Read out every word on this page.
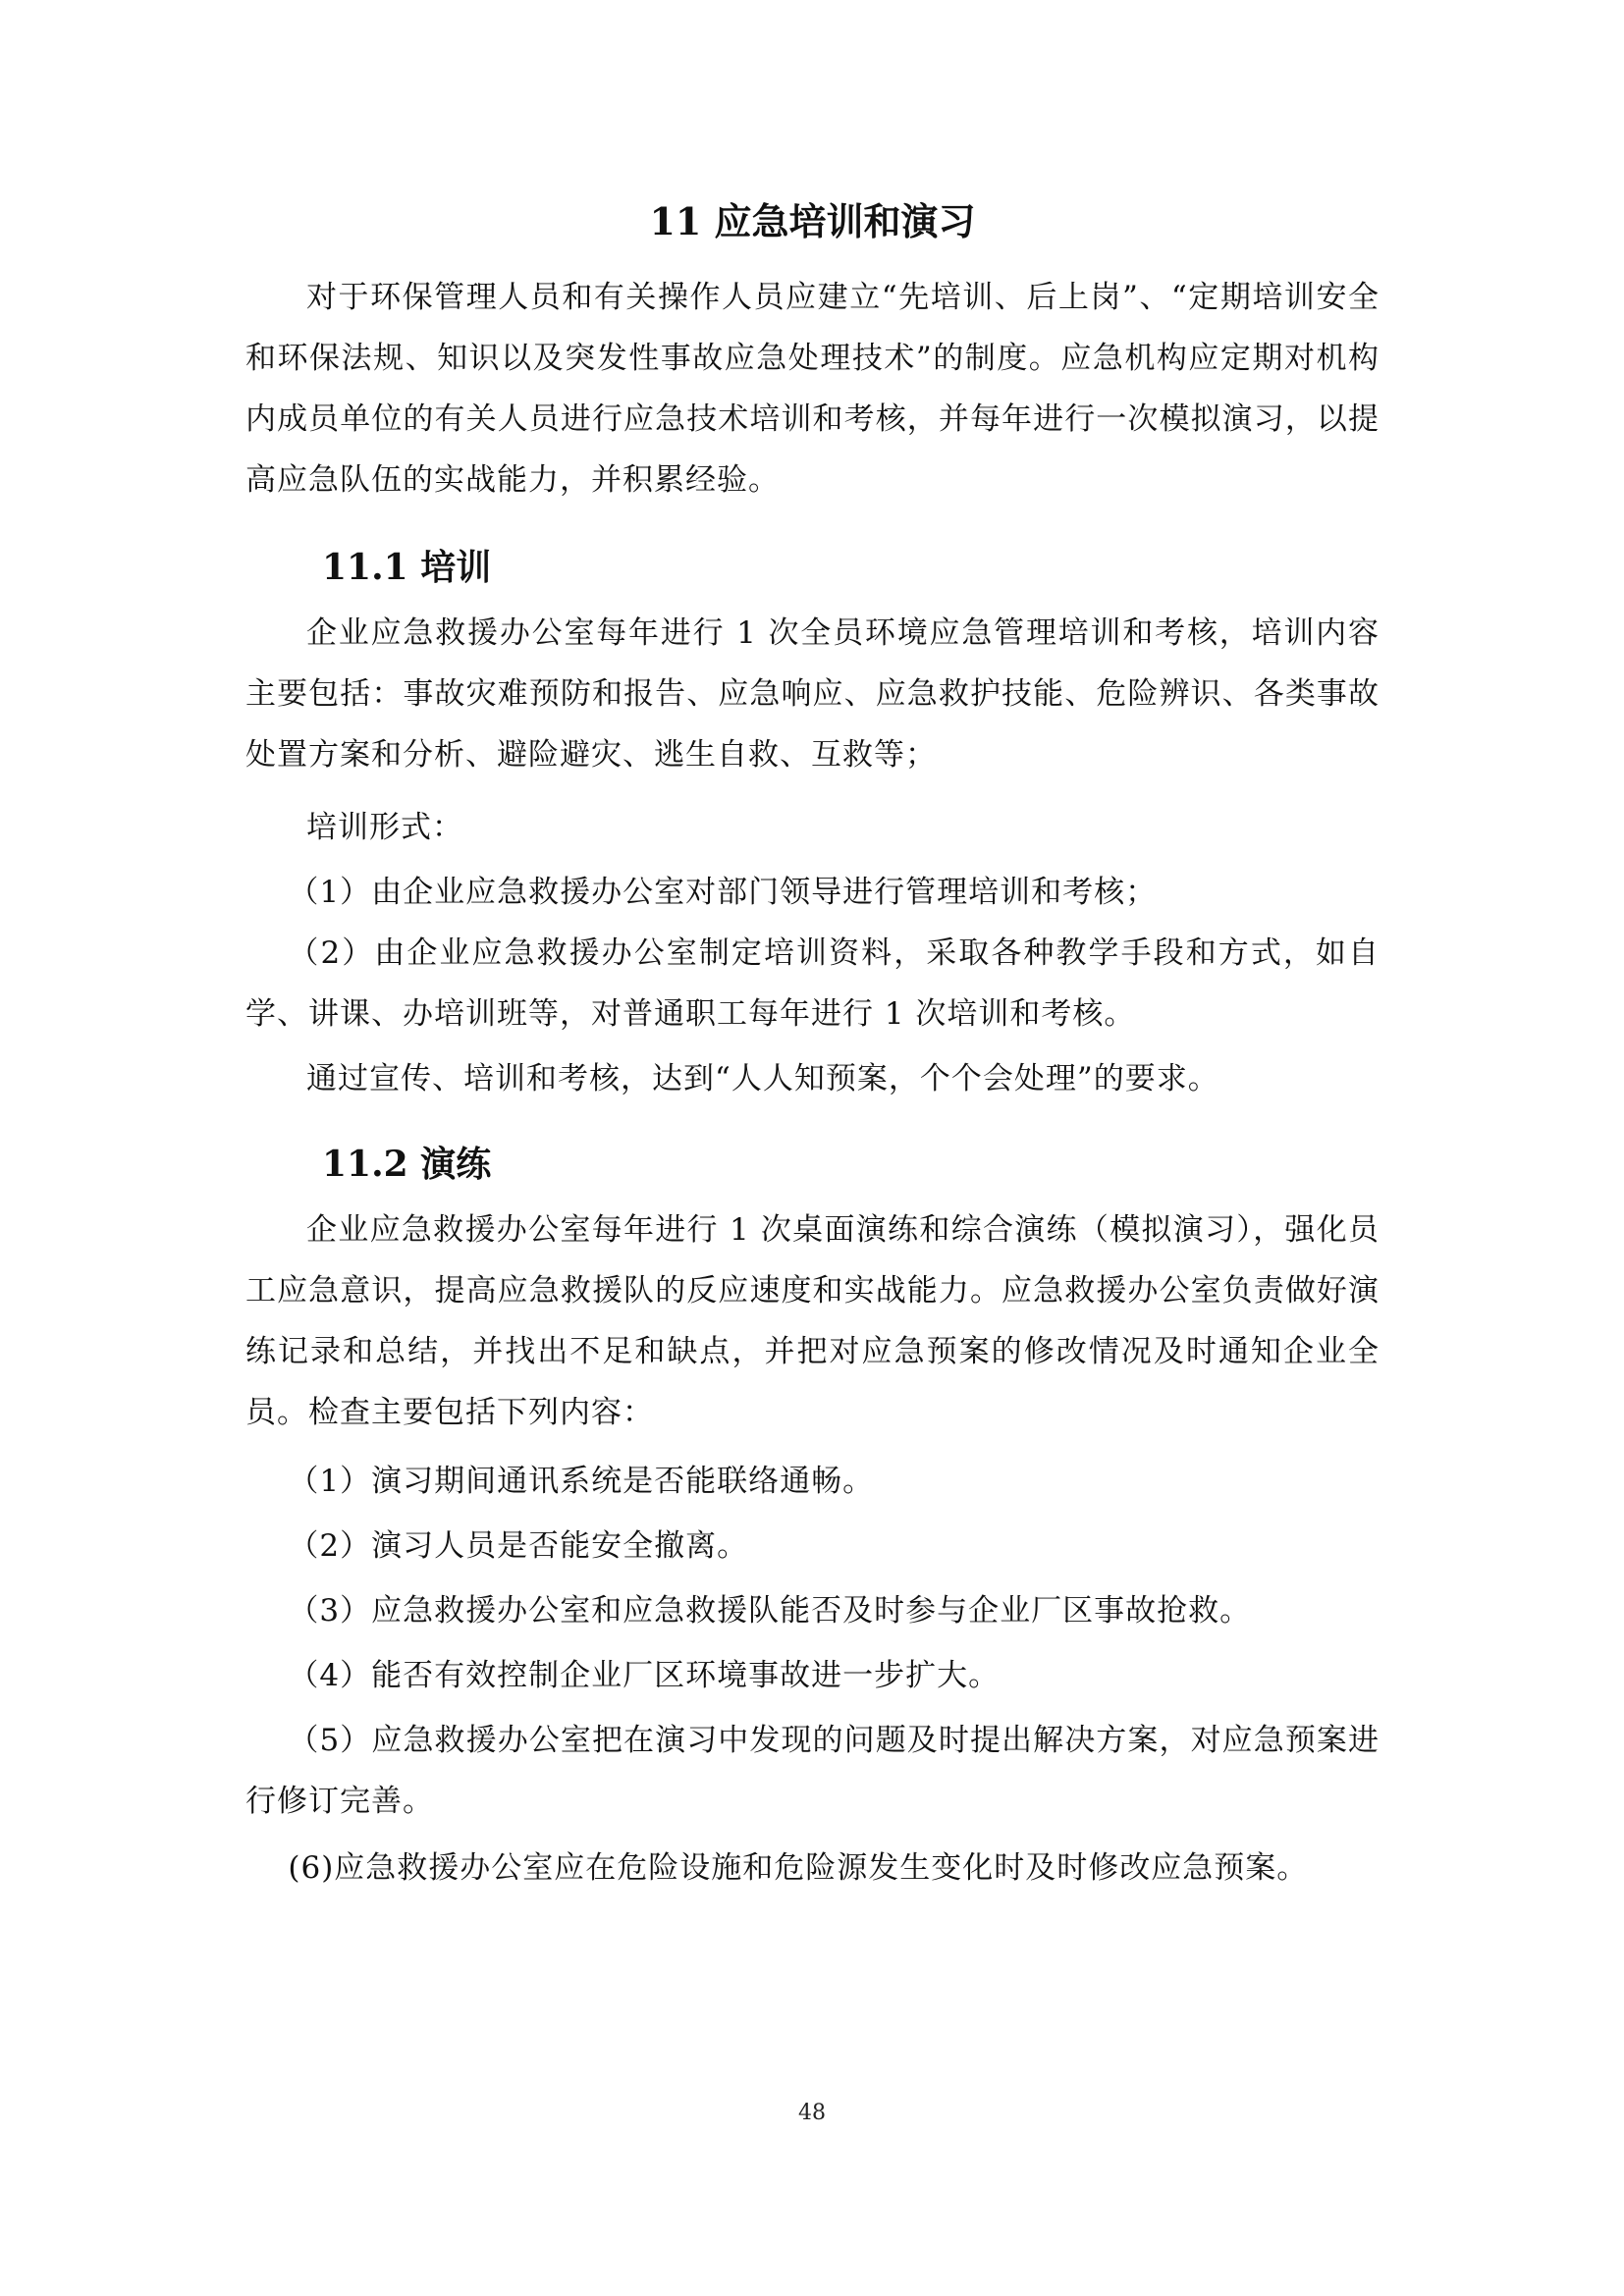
11 应急培训和演习

对于环保管理人员和有关操作人员应建立“先培训、后上岗”、“定期培训安全和环保法规、知识以及突发性事故应急处理技术”的制度。应急机构应定期对机构内成员单位的有关人员进行应急技术培训和考核，并每年进行一次模拟演习，以提高应急队伍的实战能力，并积累经验。

11.1 培训

企业应急救援办公室每年进行 1 次全员环境应急管理培训和考核，培训内容主要包括：事故灾难预防和报告、应急响应、应急救护技能、危险辨识、各类事故处置方案和分析、避险避灾、逃生自救、互救等；

培训形式：

（1）由企业应急救援办公室对部门领导进行管理培训和考核；

（2）由企业应急救援办公室制定培训资料，采取各种教学手段和方式，如自学、讲课、办培训班等，对普通职工每年进行 1 次培训和考核。

通过宣传、培训和考核，达到“人人知预案，个个会处理”的要求。

11.2 演练

企业应急救援办公室每年进行 1 次桌面演练和综合演练（模拟演习），强化员工应急意识，提高应急救援队的反应速度和实战能力。应急救援办公室负责做好演练记录和总结，并找出不足和缺点，并把对应急预案的修改情况及时通知企业全员。检查主要包括下列内容：

（1）演习期间通讯系统是否能联络通畅。

（2）演习人员是否能安全撤离。

（3）应急救援办公室和应急救援队能否及时参与企业厂区事故抢救。

（4）能否有效控制企业厂区环境事故进一步扩大。

（5）应急救援办公室把在演习中发现的问题及时提出解决方案，对应急预案进行修订完善。

(6)应急救援办公室应在危险设施和危险源发生变化时及时修改应急预案。

48
